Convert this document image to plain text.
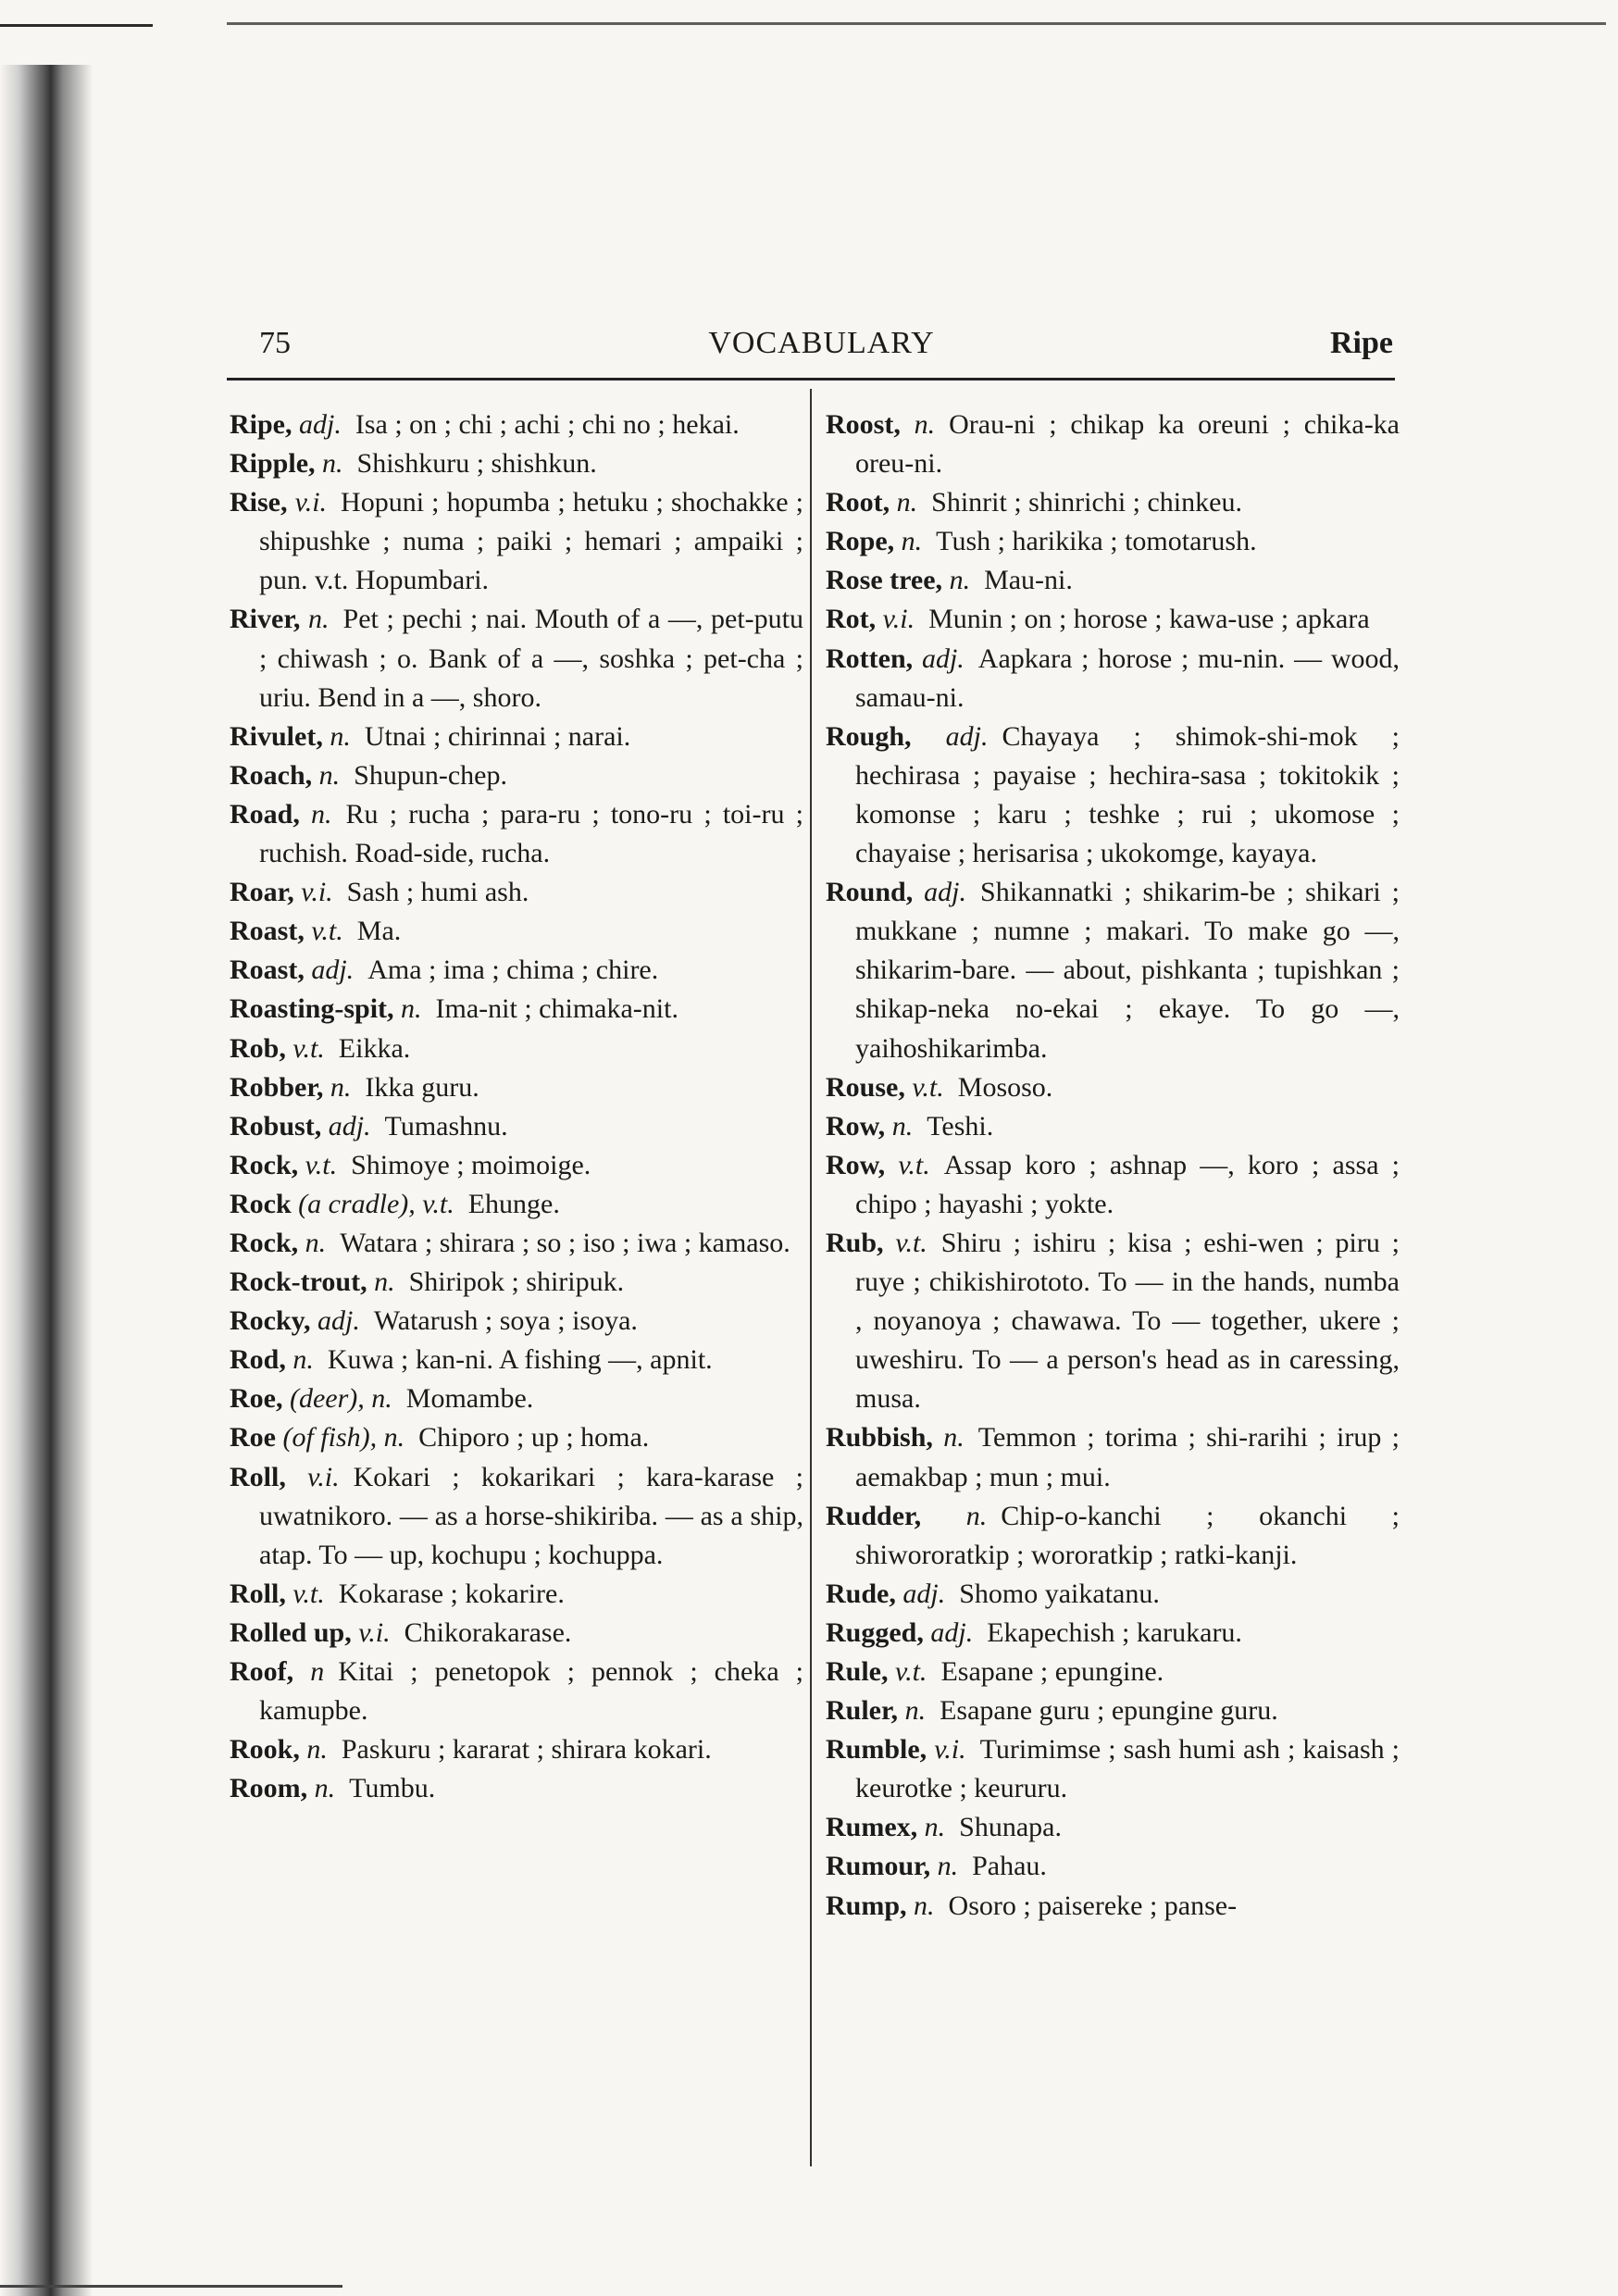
75	VOCABULARY	Ripe

Ripe, adj.  Isa ; on ; chi ; achi ; chi no ; hekai.

Ripple, n.  Shishkuru ; shishkun.

Rise, v.i.  Hopuni ; hopumba ; hetuku ; shochakke ; shipushke ; numa ; paiki ; hemari ; ampaiki ; pun. v.t. Hopumbari.

River, n.  Pet ; pechi ; nai. Mouth of a —, pet-putu ; chiwash ; o. Bank of a —, soshka ; pet-cha ; uriu. Bend in a —, shoro.

Rivulet, n.  Utnai ; chirinnai ; narai.

Roach, n.  Shupun-chep.

Road, n.  Ru ; rucha ; para-ru ; tono-ru ; toi-ru ; ruchish. Road-side, rucha.

Roar, v.i.  Sash ; humi ash.

Roast, v.t.  Ma.

Roast, adj.  Ama ; ima ; chima ; chire.

Roasting-spit, n.  Ima-nit ; chimaka-nit.

Rob, v.t.  Eikka.

Robber, n.  Ikka guru.

Robust, adj.  Tumashnu.

Rock, v.t.  Shimoye ; moimoige.

Rock (a cradle), v.t.  Ehunge.

Rock, n.  Watara ; shirara ; so ; iso ; iwa ; kamaso.

Rock-trout, n.  Shiripok ; shiripuk.

Rocky, adj.  Watarush ; soya ; isoya.

Rod, n.  Kuwa ; kan-ni. A fishing —, apnit.

Roe, (deer), n.  Momambe.

Roe (of fish), n.  Chiporo ; up ; homa.

Roll, v.i.  Kokari ; kokarikari ; kara-karase ; uwatnikoro. — as a horse-shikiriba. — as a ship, atap. To — up, kochupu ; kochuppa.

Roll, v.t.  Kokarase ; kokarire.

Rolled up, v.i.  Chikorakarase.

Roof, n  Kitai ; penetopok ; pennok ; cheka ; kamupbe.

Rook, n.  Paskuru ; kararat ; shirara kokari.

Room, n.  Tumbu.

Roost, n.  Orau-ni ; chikap ka oreuni ; chika-ka oreu-ni.

Root, n.  Shinrit ; shinrichi ; chinkeu.

Rope, n.  Tush ; harikika ; tomotarush.

Rose tree, n.  Mau-ni.

Rot, v.i.  Munin ; on ; horose ; kawa-use ; apkara

Rotten, adj.  Aapkara ; horose ; mu-nin. — wood, samau-ni.

Rough, adj.  Chayaya ; shimok-shi-mok ; hechirasa ; payaise ; hechira-sasa ; tokitokik ; komonse ; karu ; teshke ; rui ; ukomose ; chayaise ; herisarisa ; ukokomge, kayaya.

Round, adj.  Shikannatki ; shikarim-be ; shikari ; mukkane ; numne ; makari. To make go —, shikarim-bare. — about, pishkanta ; tupishkan ; shikap-neka no-ekai ; ekaye. To go —, yaihoshikarimba.

Rouse, v.t.  Mososo.

Row, n.  Teshi.

Row, v.t.  Assap koro ; ashnap —, koro ; assa ; chipo ; hayashi ; yokte.

Rub, v.t.  Shiru ; ishiru ; kisa ; eshi-wen ; piru ; ruye ; chikishirototo. To — in the hands, numba , noyanoya ; chawawa. To — together, ukere ; uweshiru. To — a person's head as in caressing, musa.

Rubbish, n.  Temmon ; torima ; shi-rarihi ; irup ; aemakbap ; mun ; mui.

Rudder, n.  Chip-o-kanchi ; okanchi ; shiwororatkip ; wororatkip ; ratki-kanji.

Rude, adj.  Shomo yaikatanu.

Rugged, adj.  Ekapechish ; karukaru.

Rule, v.t.  Esapane ; epungine.

Ruler, n.  Esapane guru ; epungine guru.

Rumble, v.i.  Turimimse ; sash humi ash ; kaisash ; keurotke ; keururu.

Rumex, n.  Shunapa.

Rumour, n.  Pahau.

Rump, n.  Osoro ; paisereke ; panse-
